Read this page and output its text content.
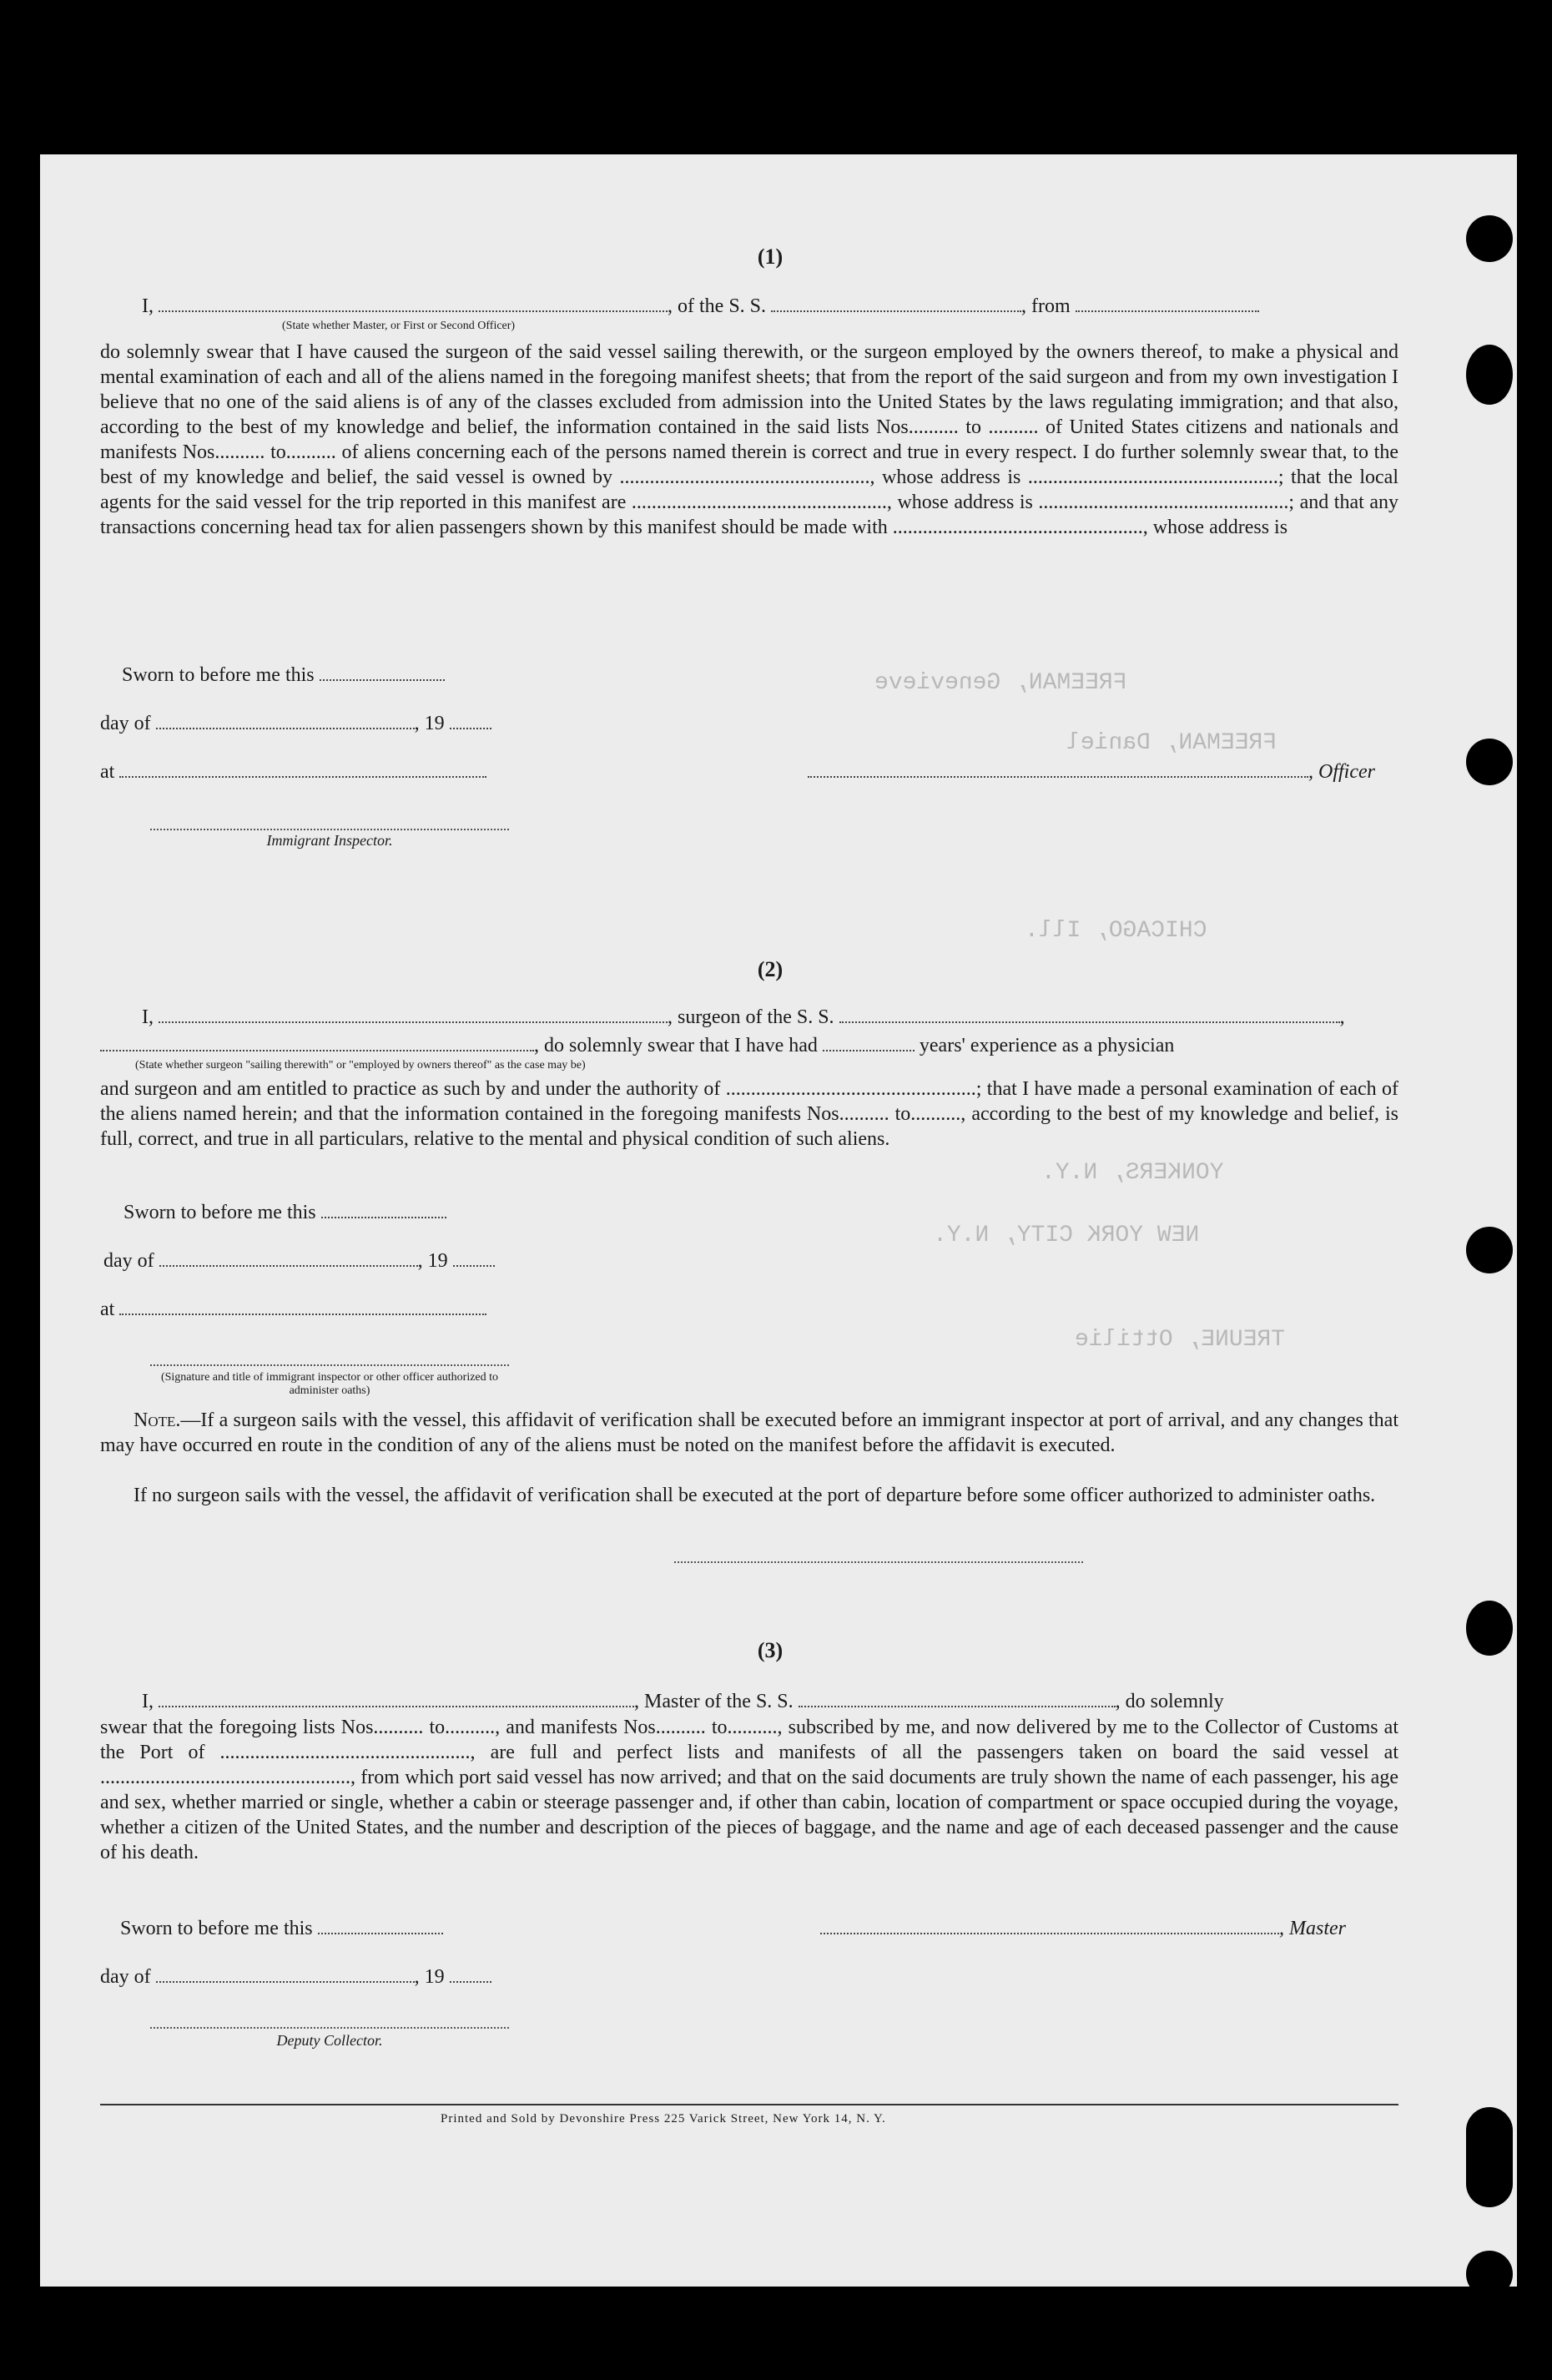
FREEMAN, Genevieve
FREEMAN, Daniel
CHICAGO, Ill.
NEW YORK CITY, N.Y.
YONKERS, N.Y.
TREUNE, Ottilie
(1)
I,	, of the S. S.	, from
(State whether Master, or First or Second Officer)
do solemnly swear that I have caused the surgeon of the said vessel sailing therewith, or the surgeon employed by the owners thereof, to make a physical and mental examination of each and all of the aliens named in the foregoing manifest sheets; that from the report of the said surgeon and from my own investigation I believe that no one of the said aliens is of any of the classes excluded from admission into the United States by the laws regulating immigration; and that also, according to the best of my knowledge and belief, the information contained in the said lists Nos.......... to .......... of United States citizens and nationals and manifests Nos.......... to.......... of aliens concerning each of the persons named therein is correct and true in every respect. I do further solemnly swear that, to the best of my knowledge and belief, the said vessel is owned by .................................................., whose address is ..................................................; that the local agents for the said vessel for the trip reported in this manifest are ..................................................., whose address is ..................................................; and that any transactions concerning head tax for alien passengers shown by this manifest should be made with .................................................., whose address is
Sworn to before me this
day of	, 19
at	, Officer
Immigrant Inspector.
(2)
I,	, surgeon of the S. S.	,
, do solemnly swear that I have had	years' experience as a physician
(State whether surgeon "sailing therewith" or "employed by owners thereof" as the case may be)
and surgeon and am entitled to practice as such by and under the authority of ..................................................; that I have made a personal examination of each of the aliens named herein; and that the information contained in the foregoing manifests Nos.......... to.........., according to the best of my knowledge and belief, is full, correct, and true in all particulars, relative to the mental and physical condition of such aliens.
Sworn to before me this
day of	, 19
at
(Signature and title of immigrant inspector or other officer authorized to administer oaths)
Note.—If a surgeon sails with the vessel, this affidavit of verification shall be executed before an immigrant inspector at port of arrival, and any changes that may have occurred en route in the condition of any of the aliens must be noted on the manifest before the affidavit is executed.
If no surgeon sails with the vessel, the affidavit of verification shall be executed at the port of departure before some officer authorized to administer oaths.
(3)
I,	, Master of the S. S.	, do solemnly
swear that the foregoing lists Nos.......... to.........., and manifests Nos.......... to.........., subscribed by me, and now delivered by me to the Collector of Customs at the Port of .................................................., are full and perfect lists and manifests of all the passengers taken on board the said vessel at .................................................., from which port said vessel has now arrived; and that on the said documents are truly shown the name of each passenger, his age and sex, whether married or single, whether a cabin or steerage passenger and, if other than cabin, location of compartment or space occupied during the voyage, whether a citizen of the United States, and the number and description of the pieces of baggage, and the name and age of each deceased passenger and the cause of his death.
Sworn to before me this	, Master
day of	, 19
Deputy Collector.
Printed and Sold by Devonshire Press 225 Varick Street, New York 14, N. Y.
